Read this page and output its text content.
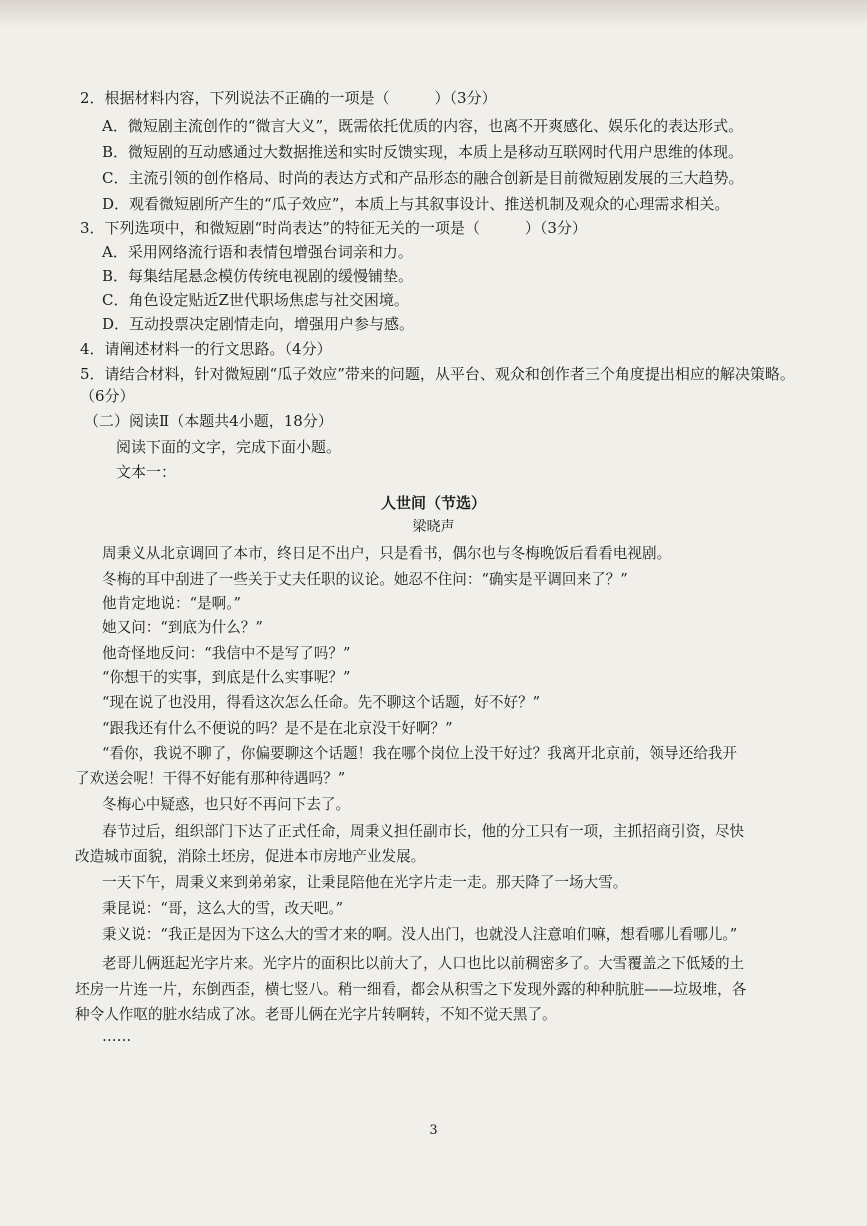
2．根据材料内容，下列说法不正确的一项是（　　　）（3分）
A．微短剧主流创作的“微言大义”，既需依托优质的内容，也离不开爽感化、娱乐化的表达形式。
B．微短剧的互动感通过大数据推送和实时反馈实现，本质上是移动互联网时代用户思维的体现。
C．主流引领的创作格局、时尚的表达方式和产品形态的融合创新是目前微短剧发展的三大趋势。
D．观看微短剧所产生的“瓜子效应”，本质上与其叙事设计、推送机制及观众的心理需求相关。
3．下列选项中，和微短剧“时尚表达”的特征无关的一项是（　　　）（3分）
A．采用网络流行语和表情包增强台词亲和力。
B．每集结尾悬念模仿传统电视剧的缓慢铺垫。
C．角色设定贴近Z世代职场焦虑与社交困境。
D．互动投票决定剧情走向，增强用户参与感。
4．请阐述材料一的行文思路。（4分）
5．请结合材料，针对微短剧“瓜子效应”带来的问题，从平台、观众和创作者三个角度提出相应的解决策略。
（6分）
（二）阅读Ⅱ（本题共4小题，18分）
阅读下面的文字，完成下面小题。
文本一：
人世间（节选）
梁晓声
周秉义从北京调回了本市，终日足不出户，只是看书，偶尔也与冬梅晚饭后看看电视剧。
冬梅的耳中刮进了一些关于丈夫任职的议论。她忍不住问：“确实是平调回来了？”
他肯定地说：“是啊。”
她又问：“到底为什么？”
他奇怪地反问：“我信中不是写了吗？”
“你想干的实事，到底是什么实事呢？”
“现在说了也没用，得看这次怎么任命。先不聊这个话题，好不好？”
“跟我还有什么不便说的吗？是不是在北京没干好啊？”
“看你，我说不聊了，你偏要聊这个话题！我在哪个岗位上没干好过？我离开北京前，领导还给我开
了欢送会呢！干得不好能有那种待遇吗？”
冬梅心中疑惑，也只好不再问下去了。
春节过后，组织部门下达了正式任命，周秉义担任副市长，他的分工只有一项，主抓招商引资，尽快
改造城市面貌，消除土坯房，促进本市房地产业发展。
一天下午，周秉义来到弟弟家，让秉昆陪他在光字片走一走。那天降了一场大雪。
秉昆说：“哥，这么大的雪，改天吧。”
秉义说：“我正是因为下这么大的雪才来的啊。没人出门，也就没人注意咱们嘛，想看哪儿看哪儿。”
老哥儿俩逛起光字片来。光字片的面积比以前大了，人口也比以前稠密多了。大雪覆盖之下低矮的土
坯房一片连一片，东倒西歪，横七竖八。稍一细看，都会从积雪之下发现外露的种种肮脏——垃圾堆，各
种令人作呕的脏水结成了冰。老哥儿俩在光字片转啊转，不知不觉天黑了。
……
3
